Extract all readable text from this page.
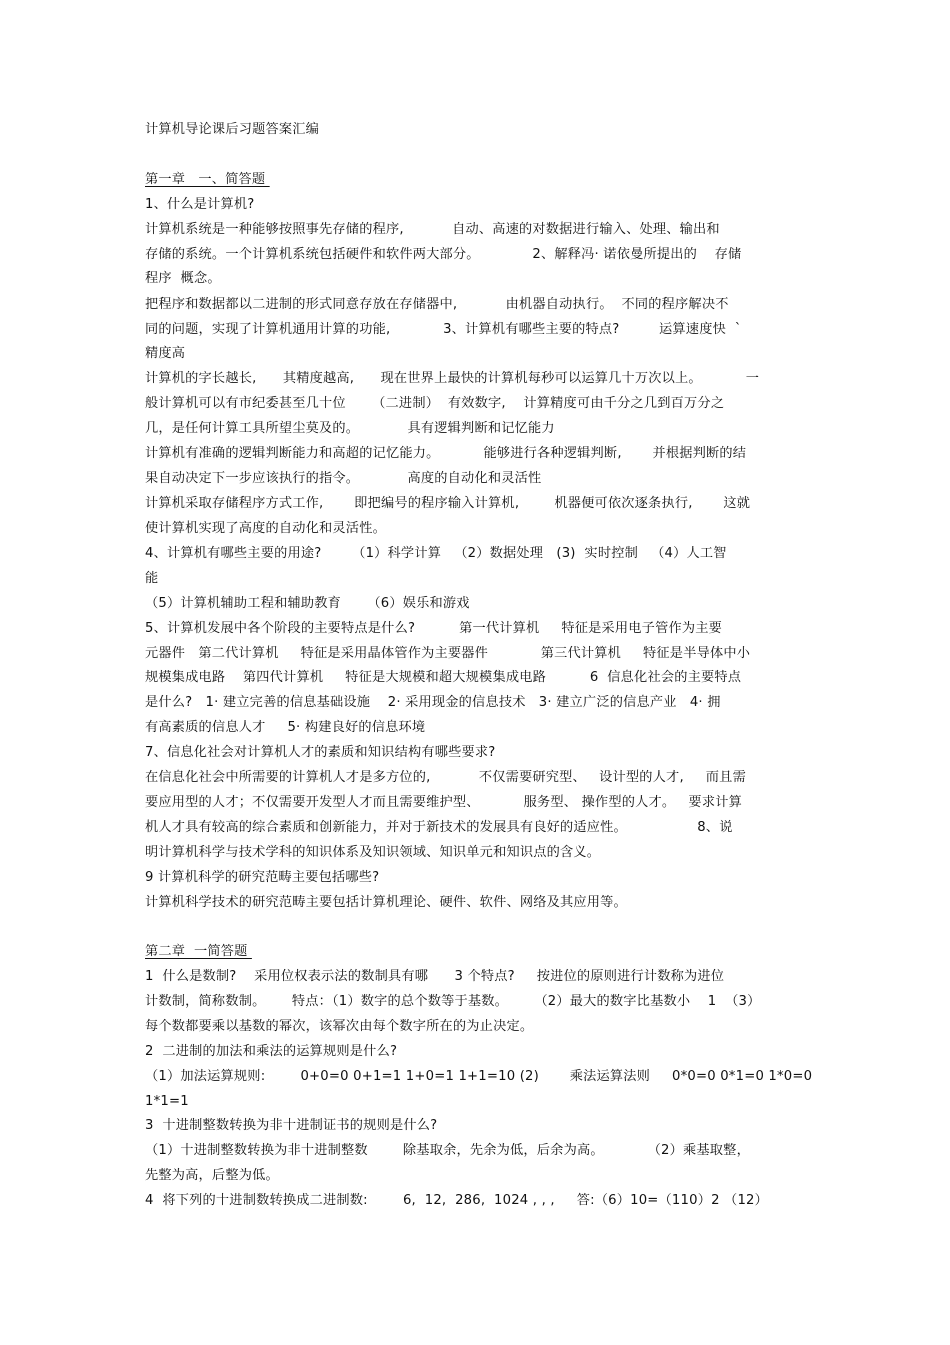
计算机导论课后习题答案汇编
第一章   一、简答题
1、什么是计算机?
计算机系统是一种能够按照事先存储的程序,           自动、高速的对数据进行输入、处理、输出和
存储的系统。一个计算机系统包括硬件和软件两大部分。            2、解释冯· 诺依曼所提出的    存储
程序  概念。
把程序和数据都以二进制的形式同意存放在存储器中,           由机器自动执行。  不同的程序解决不
同的问题，实现了计算机通用计算的功能,            3、计算机有哪些主要的特点?         运算速度快  `
精度高
计算机的字长越长,      其精度越高,      现在世界上最快的计算机每秒可以运算几十万次以上。          一
般计算机可以有市纪委甚至几十位      （二进制）  有效数字,    计算精度可由千分之几到百万分之
几，是任何计算工具所望尘莫及的。           具有逻辑判断和记忆能力
计算机有准确的逻辑判断能力和高超的记忆能力。          能够进行各种逻辑判断,       并根据判断的结
果自动决定下一步应该执行的指令。           高度的自动化和灵活性
计算机采取存储程序方式工作,       即把编号的程序输入计算机,        机器便可依次逐条执行,       这就
使计算机实现了高度的自动化和灵活性。
4、计算机有哪些主要的用途?       （1）科学计算   （2）数据处理   (3)  实时控制   （4）人工智
能
（5）计算机辅助工程和辅助教育      （6）娱乐和游戏
5、计算机发展中各个阶段的主要特点是什么?          第一代计算机     特征是采用电子管作为主要
元器件   第二代计算机     特征是采用晶体管作为主要器件            第三代计算机     特征是半导体中小
规模集成电路    第四代计算机     特征是大规模和超大规模集成电路          6  信息化社会的主要特点
是什么?   1· 建立完善的信息基础设施    2· 采用现金的信息技术   3· 建立广泛的信息产业   4· 拥
有高素质的信息人才     5· 构建良好的信息环境
7、信息化社会对计算机人才的素质和知识结构有哪些要求?
在信息化社会中所需要的计算机人才是多方位的,           不仅需要研究型、   设计型的人才,     而且需
要应用型的人才；不仅需要开发型人才而且需要维护型、          服务型、 操作型的人才。   要求计算
机人才具有较高的综合素质和创新能力，并对于新技术的发展具有良好的适应性。                8、说
明计算机科学与技术学科的知识体系及知识领域、知识单元和知识点的含义。
9 计算机科学的研究范畴主要包括哪些?
计算机科学技术的研究范畴主要包括计算机理论、硬件、软件、网络及其应用等。
第二章  一简答题
1  什么是数制?    采用位权表示法的数制具有哪      3 个特点?     按进位的原则进行计数称为进位
计数制，简称数制。      特点：（1）数字的总个数等于基数。      （2）最大的数字比基数小    1  （3）
每个数都要乘以基数的幂次，该幂次由每个数字所在的为止决定。
2  二进制的加法和乘法的运算规则是什么?
（1）加法运算规则:        0+0=0 0+1=1 1+0=1 1+1=10 (2)       乘法运算法则     0*0=0 0*1=0 1*0=0
1*1=1
3  十进制整数转换为非十进制证书的规则是什么?
（1）十进制整数转换为非十进制整数        除基取余，先余为低，后余为高。          （2）乘基取整，
先整为高，后整为低。
4  将下列的十进制数转换成二进制数:        6,  12,  286,  1024 , , ,     答:（6）10=（110）2 （12）
